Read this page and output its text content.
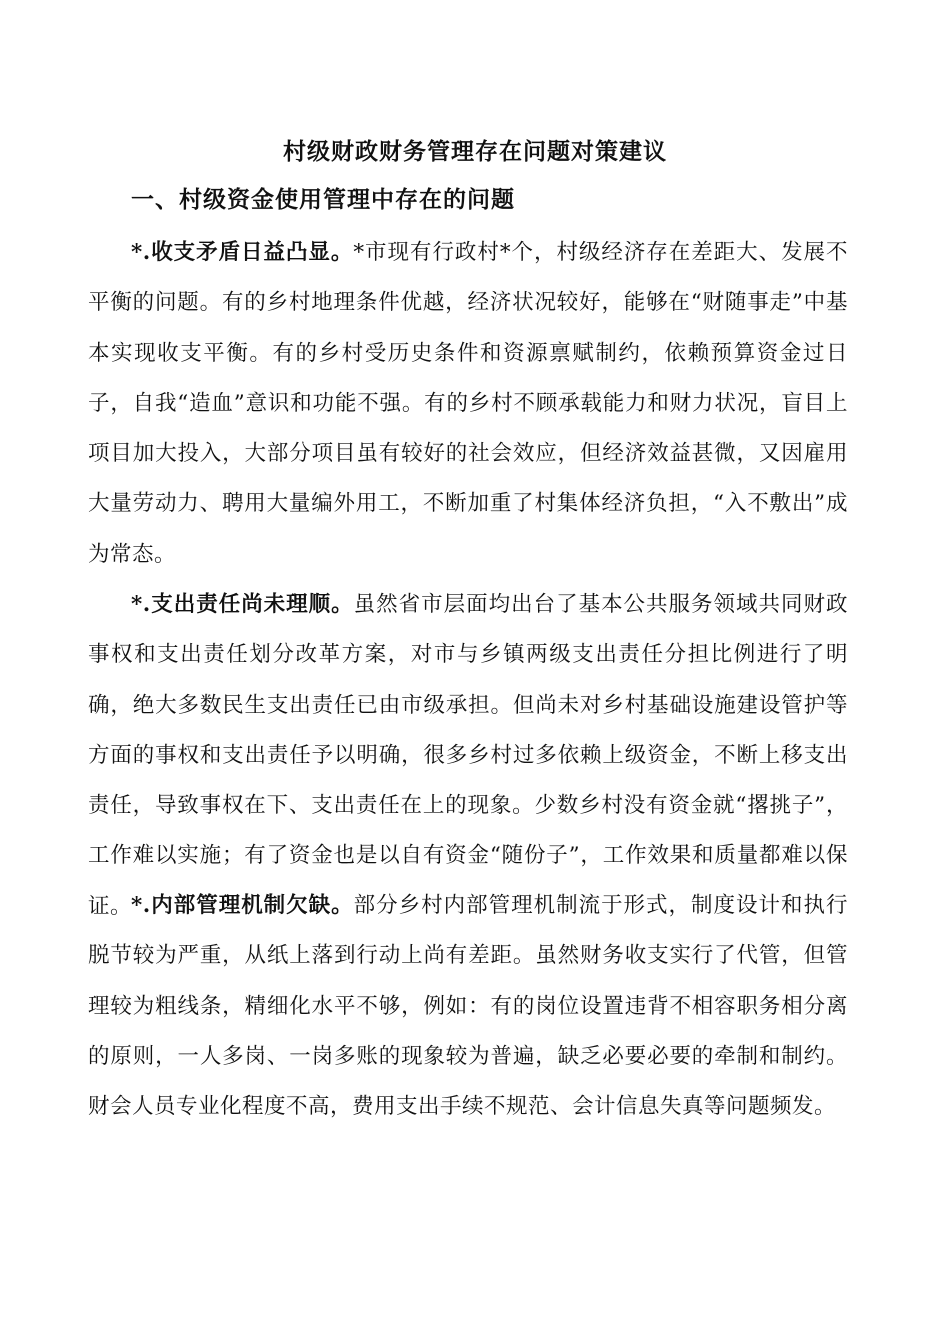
村级财政财务管理存在问题对策建议
一、村级资金使用管理中存在的问题

*.收支矛盾日益凸显。*市现有行政村*个，村级经济存在差距大、发展不平衡的问题。有的乡村地理条件优越，经济状况较好，能够在“财随事走”中基本实现收支平衡。有的乡村受历史条件和资源禀赋制约，依赖预算资金过日子，自我“造血”意识和功能不强。有的乡村不顾承载能力和财力状况，盲目上项目加大投入，大部分项目虽有较好的社会效应，但经济效益甚微，又因雇用大量劳动力、聘用大量编外用工，不断加重了村集体经济负担，“入不敷出”成为常态。

*.支出责任尚未理顺。虽然省市层面均出台了基本公共服务领域共同财政事权和支出责任划分改革方案，对市与乡镇两级支出责任分担比例进行了明确，绝大多数民生支出责任已由市级承担。但尚未对乡村基础设施建设管护等方面的事权和支出责任予以明确，很多乡村过多依赖上级资金，不断上移支出责任，导致事权在下、支出责任在上的现象。少数乡村没有资金就“撂挑子”，工作难以实施；有了资金也是以自有资金“随份子”，工作效果和质量都难以保证。

*.内部管理机制欠缺。部分乡村内部管理机制流于形式，制度设计和执行脱节较为严重，从纸上落到行动上尚有差距。虽然财务收支实行了代管，但管理较为粗线条，精细化水平不够，例如：有的岗位设置违背不相容职务相分离的原则，一人多岗、一岗多账的现象较为普遍，缺乏必要必要的牵制和制约。财会人员专业化程度不高，费用支出手续不规范、会计信息失真等问题频发。
